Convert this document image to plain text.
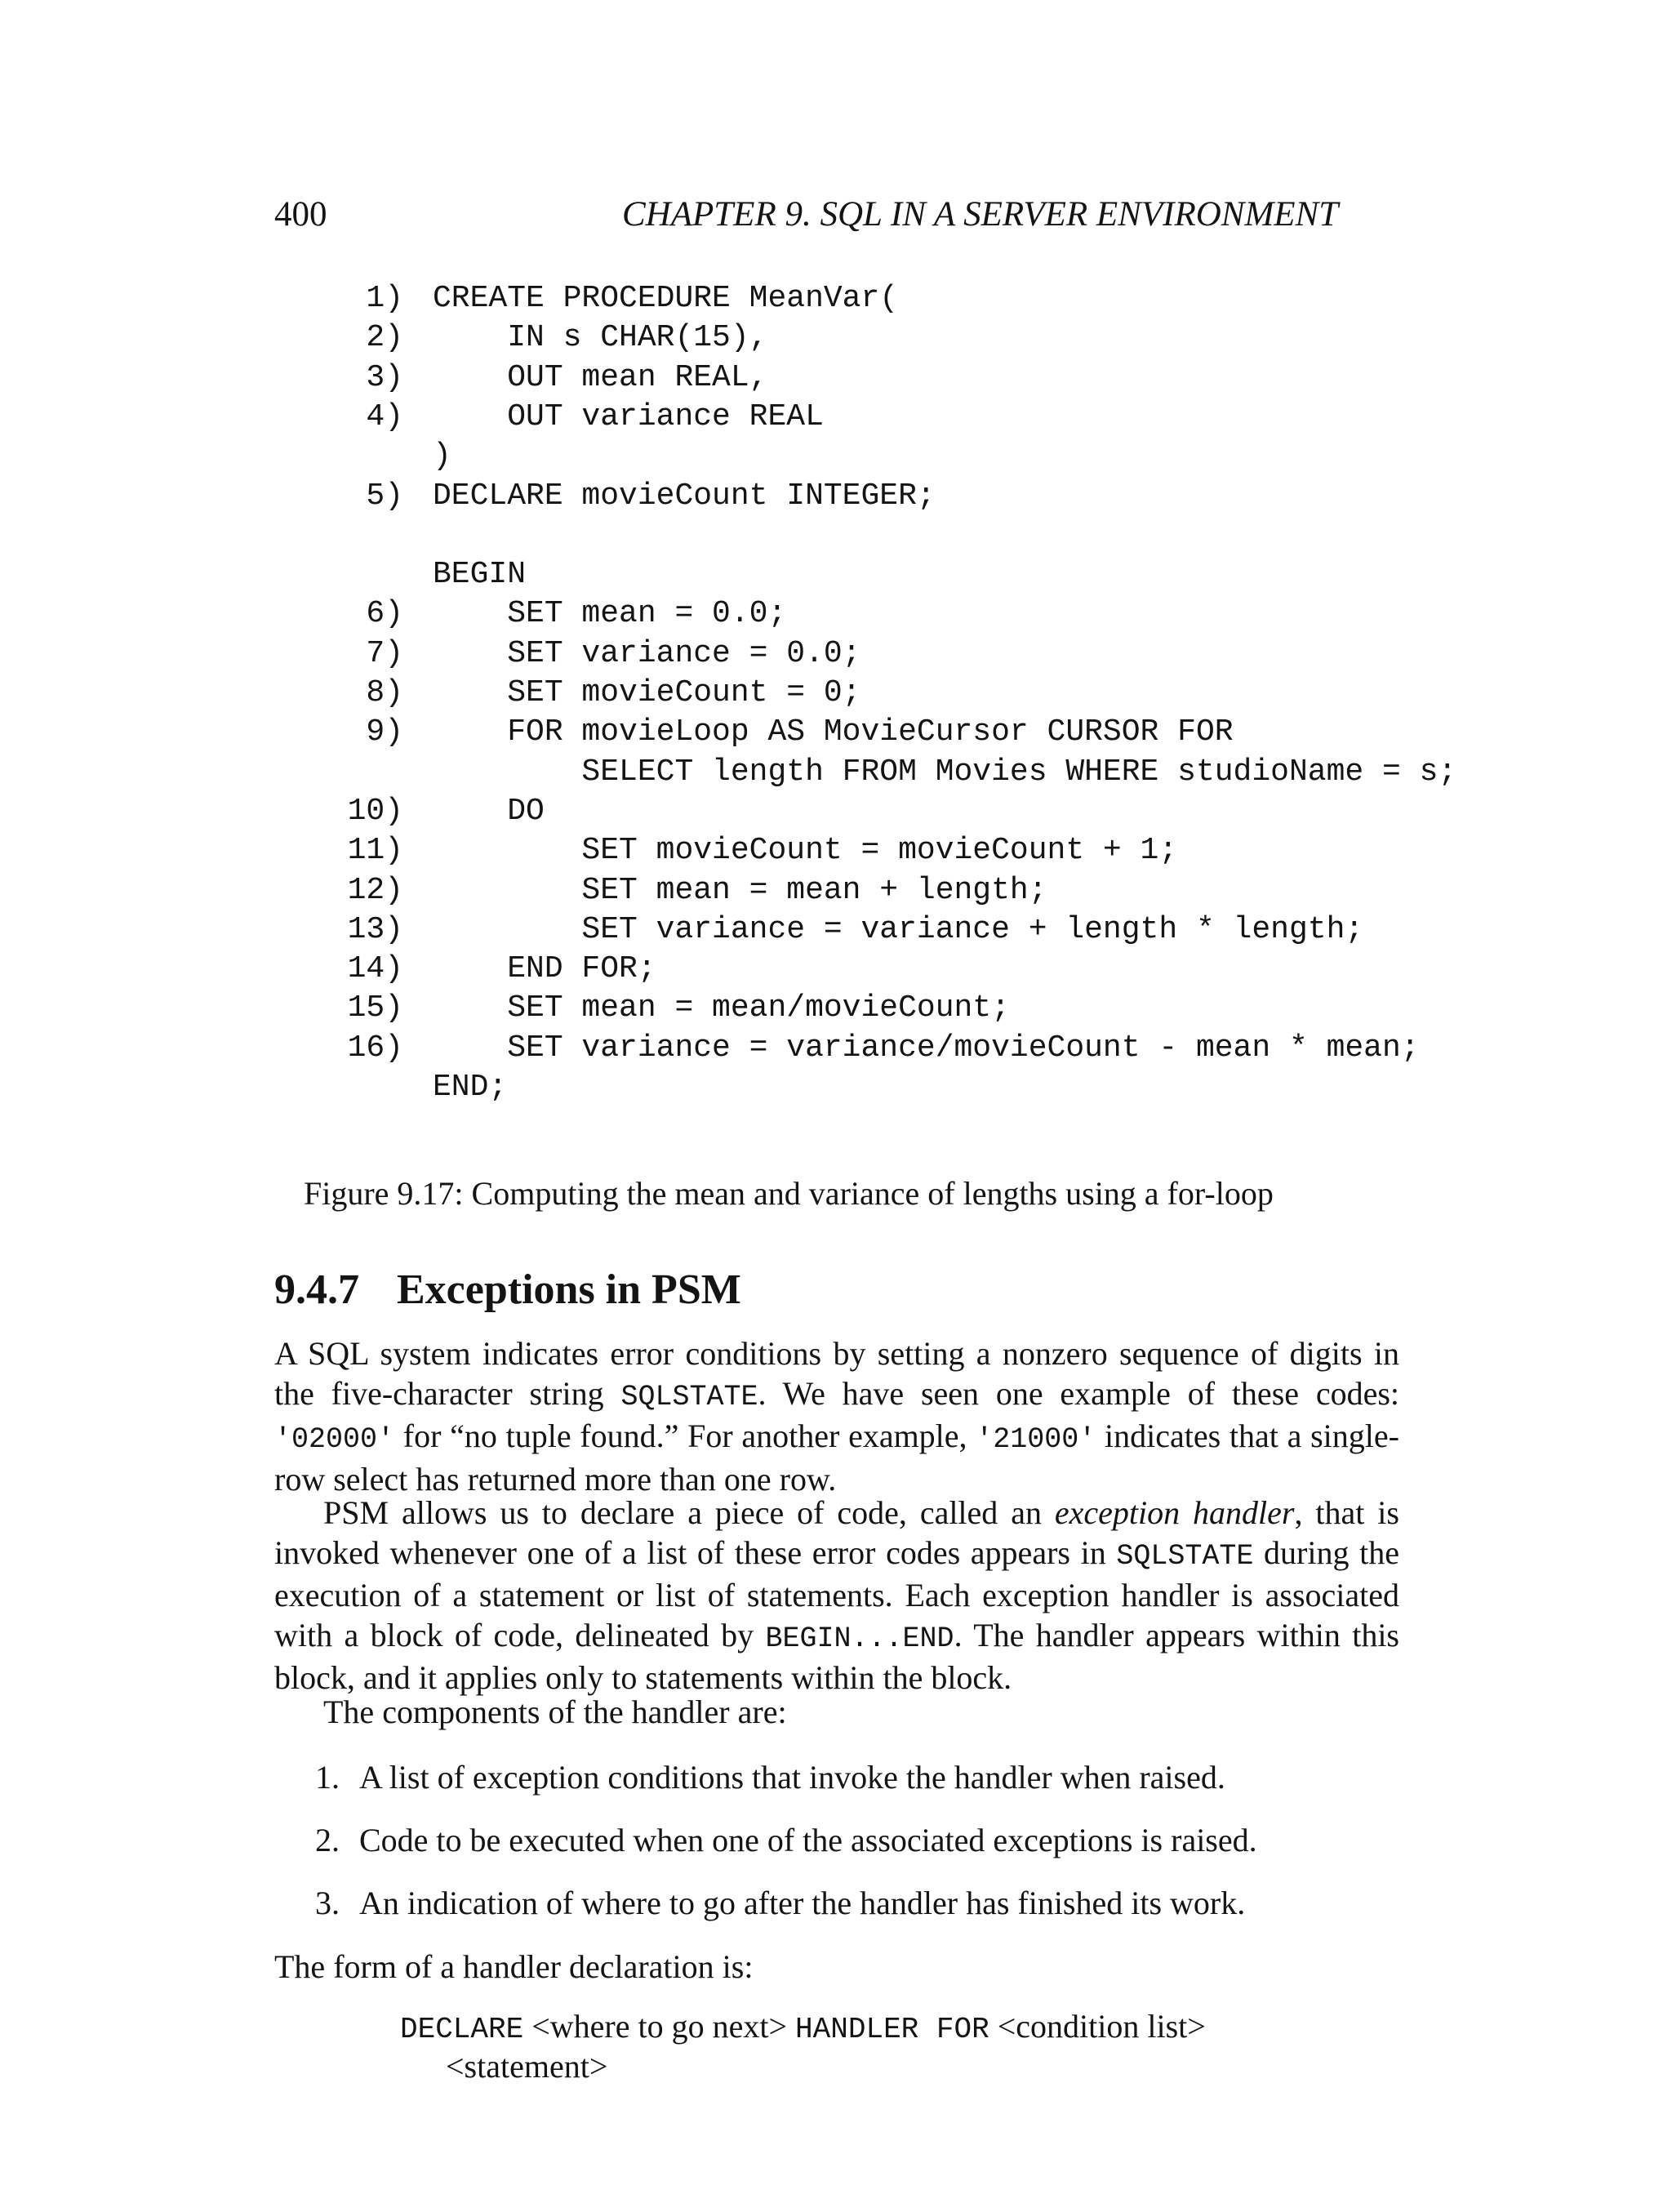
400	CHAPTER 9. SQL IN A SERVER ENVIRONMENT
1) CREATE PROCEDURE MeanVar(
2) IN s CHAR(15),
3) OUT mean REAL,
4) OUT variance REAL
)
5) DECLARE movieCount INTEGER;
BEGIN
6) SET mean = 0.0;
7) SET variance = 0.0;
8) SET movieCount = 0;
9) FOR movieLoop AS MovieCursor CURSOR FOR
SELECT length FROM Movies WHERE studioName = s;
10) DO
11) SET movieCount = movieCount + 1;
12) SET mean = mean + length;
13) SET variance = variance + length * length;
14) END FOR;
15) SET mean = mean/movieCount;
16) SET variance = variance/movieCount - mean * mean;
END;
Figure 9.17: Computing the mean and variance of lengths using a for-loop
9.4.7 Exceptions in PSM
A SQL system indicates error conditions by setting a nonzero sequence of digits in the five-character string SQLSTATE. We have seen one example of these codes: '02000' for “no tuple found.” For another example, '21000' indicates that a single-row select has returned more than one row.
PSM allows us to declare a piece of code, called an exception handler, that is invoked whenever one of a list of these error codes appears in SQLSTATE during the execution of a statement or list of statements. Each exception handler is associated with a block of code, delineated by BEGIN...END. The handler appears within this block, and it applies only to statements within the block.
The components of the handler are:
1. A list of exception conditions that invoke the handler when raised.
2. Code to be executed when one of the associated exceptions is raised.
3. An indication of where to go after the handler has finished its work.
The form of a handler declaration is:
DECLARE <where to go next> HANDLER FOR <condition list>
<statement>
